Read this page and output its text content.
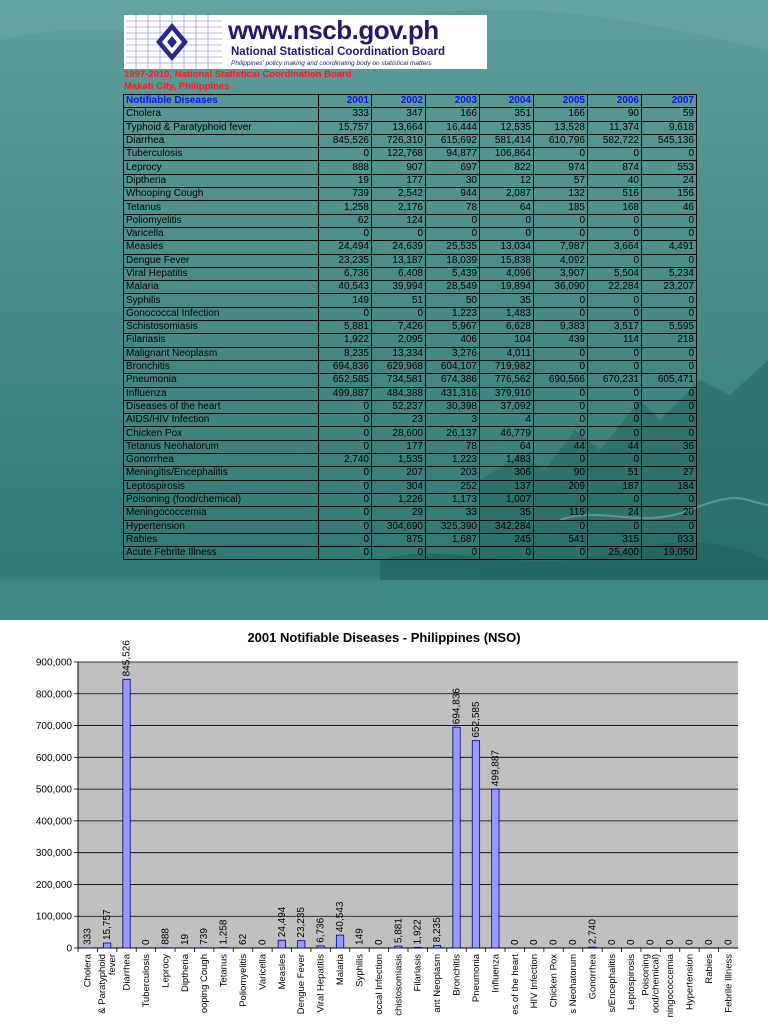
www.nscb.gov.ph
National Statistical Coordination Board
Philippines' policy making and coordinating body on statistical matters
1997-2010, National Statistical Coordination Board
Makati City, Philippines
Notifiable Diseases	2001	2002	2003	2004	2005	2006	2007
Cholera	333	347	166	351	166	90	59
Typhoid & Paratyphoid fever	15,757	13,664	16,444	12,535	13,528	11,374	9,618
Diarrhea	845,526	726,310	615,692	581,414	610,796	582,722	545,136
Tuberculosis	0	122,768	94,877	106,864	0	0	0
Leprocy	888	907	697	822	974	874	553
Diptheria	19	177	30	12	57	40	24
Whooping Cough	739	2,542	944	2,087	132	516	156
Tetanus	1,258	2,176	78	64	185	168	46
Poliomyelitis	62	124	0	0	0	0	0
Varicella	0	0	0	0	0	0	0
Measles	24,494	24,639	25,535	13,034	7,987	3,664	4,491
Dengue Fever	23,235	13,187	18,039	15,838	4,092	0	0
Viral Hepatitis	6,736	6,408	5,439	4,096	3,907	5,504	5,234
Malaria	40,543	39,994	28,549	19,894	36,090	22,284	23,207
Syphilis	149	51	50	35	0	0	0
Gonococcal Infection	0	0	1,223	1,483	0	0	0
Schistosomiasis	5,881	7,426	5,967	6,628	9,383	3,517	5,595
Filariasis	1,922	2,095	406	104	439	114	218
Malignant Neoplasm	8,235	13,334	3,276	4,011	0	0	0
Bronchitis	694,836	629,968	604,107	719,982	0	0	0
Pneumonia	652,585	734,581	674,386	776,562	690,566	670,231	605,471
Influenza	499,887	484,388	431,316	379,910	0	0	0
Diseases of the heart	0	52,237	30,398	37,092	0	0	0
AIDS/HIV Infection	0	23	3	4	0	0	0
Chicken Pox	0	28,600	26,137	46,779	0	0	0
Tetanus Neohatorum	0	177	78	64	44	44	36
Gonorrhea	2,740	1,535	1,223	1,483	0	0	0
Meningitis/Encephalitis	0	207	203	306	90	51	27
Leptospirosis	0	304	252	137	209	187	184
Poisoning (food/chemical)	0	1,226	1,173	1,007	0	0	0
Meningococcemia	0	29	33	35	115	24	20
Hypertension	0	304,690	325,390	342,284	0	0	0
Rabies	0	875	1,687	245	541	315	833
Acute Febrite Illness	0	0	0	0	0	25,400	19,050
2001 Notifiable Diseases - Philippines (NSO)
0
100,000
200,000
300,000
400,000
500,000
600,000
700,000
800,000
900,000
333
Cholera
15,757
& Paratyphoid fever
845,526
Diarrhea
0
Tuberculosis
888
Leprocy
19
Diptheria
739
ooping Cough
1,258
Tetanus
62
Poliomyelitis
0
Varicella
24,494
Measles
23,235
Dengue Fever
6,736
Viral Hepatitis
40,543
Malaria
149
Syphilis
0
occal Infection
5,881
chistosomiasis
1,922
Filariasis
8,235
ant Neoplasm
694,836
Bronchitis
652,585
Pneumonia
499,887
Influenza
0
es of the heart
0
HIV Infection
0
Chicken Pox
0
s Neohatorum
2,740
Gonorrhea
0
s/Encephalitis
0
Leptospirosis
0
Poisoning ood/chemical)
0
ningococcemia
0
Hypertension
0
Rabies
0
Febrile Illness
